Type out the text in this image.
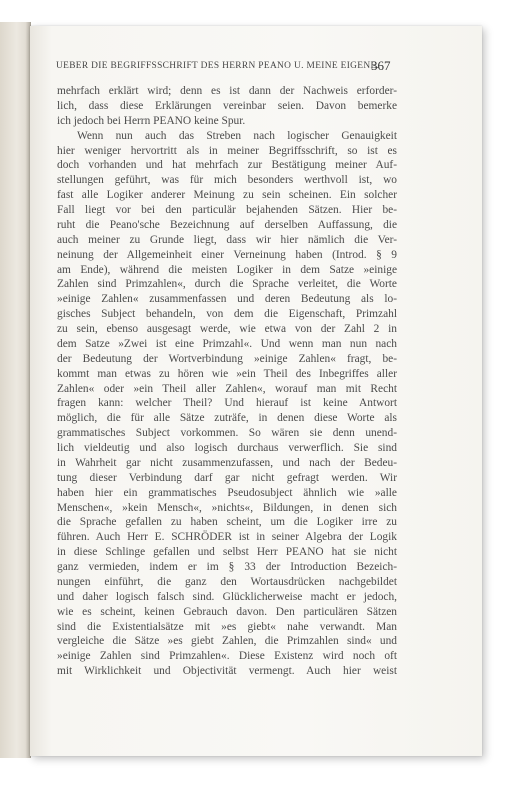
UEBER DIE BEGRIFFSSCHRIFT DES HERRN PEANO U. MEINE EIGENE.
367
mehrfach erklärt wird; denn es ist dann der Nachweis erforder-
lich, dass diese Erklärungen vereinbar seien. Davon bemerke
ich jedoch bei Herrn PEANO keine Spur.
Wenn nun auch das Streben nach logischer Genauigkeit
hier weniger hervortritt als in meiner Begriffsschrift, so ist es
doch vorhanden und hat mehrfach zur Bestätigung meiner Auf-
stellungen geführt, was für mich besonders werthvoll ist, wo
fast alle Logiker anderer Meinung zu sein scheinen. Ein solcher
Fall liegt vor bei den particulär bejahenden Sätzen. Hier be-
ruht die Peano'sche Bezeichnung auf derselben Auffassung, die
auch meiner zu Grunde liegt, dass wir hier nämlich die Ver-
neinung der Allgemeinheit einer Verneinung haben (Introd. § 9
am Ende), während die meisten Logiker in dem Satze »einige
Zahlen sind Primzahlen«, durch die Sprache verleitet, die Worte
»einige Zahlen« zusammenfassen und deren Bedeutung als lo-
gisches Subject behandeln, von dem die Eigenschaft, Primzahl
zu sein, ebenso ausgesagt werde, wie etwa von der Zahl 2 in
dem Satze »Zwei ist eine Primzahl«. Und wenn man nun nach
der Bedeutung der Wortverbindung »einige Zahlen« fragt, be-
kommt man etwas zu hören wie »ein Theil des Inbegriffes aller
Zahlen« oder »ein Theil aller Zahlen«, worauf man mit Recht
fragen kann: welcher Theil? Und hierauf ist keine Antwort
möglich, die für alle Sätze zuträfe, in denen diese Worte als
grammatisches Subject vorkommen. So wären sie denn unend-
lich vieldeutig und also logisch durchaus verwerflich. Sie sind
in Wahrheit gar nicht zusammenzufassen, und nach der Bedeu-
tung dieser Verbindung darf gar nicht gefragt werden. Wir
haben hier ein grammatisches Pseudosubject ähnlich wie »alle
Menschen«, »kein Mensch«, »nichts«, Bildungen, in denen sich
die Sprache gefallen zu haben scheint, um die Logiker irre zu
führen. Auch Herr E. SCHRÖDER ist in seiner Algebra der Logik
in diese Schlinge gefallen und selbst Herr PEANO hat sie nicht
ganz vermieden, indem er im § 33 der Introduction Bezeich-
nungen einführt, die ganz den Wortausdrücken nachgebildet
und daher logisch falsch sind. Glücklicherweise macht er jedoch,
wie es scheint, keinen Gebrauch davon. Den particulären Sätzen
sind die Existentialsätze mit »es giebt« nahe verwandt. Man
vergleiche die Sätze »es giebt Zahlen, die Primzahlen sind« und
»einige Zahlen sind Primzahlen«. Diese Existenz wird noch oft
mit Wirklichkeit und Objectivität vermengt. Auch hier weist
